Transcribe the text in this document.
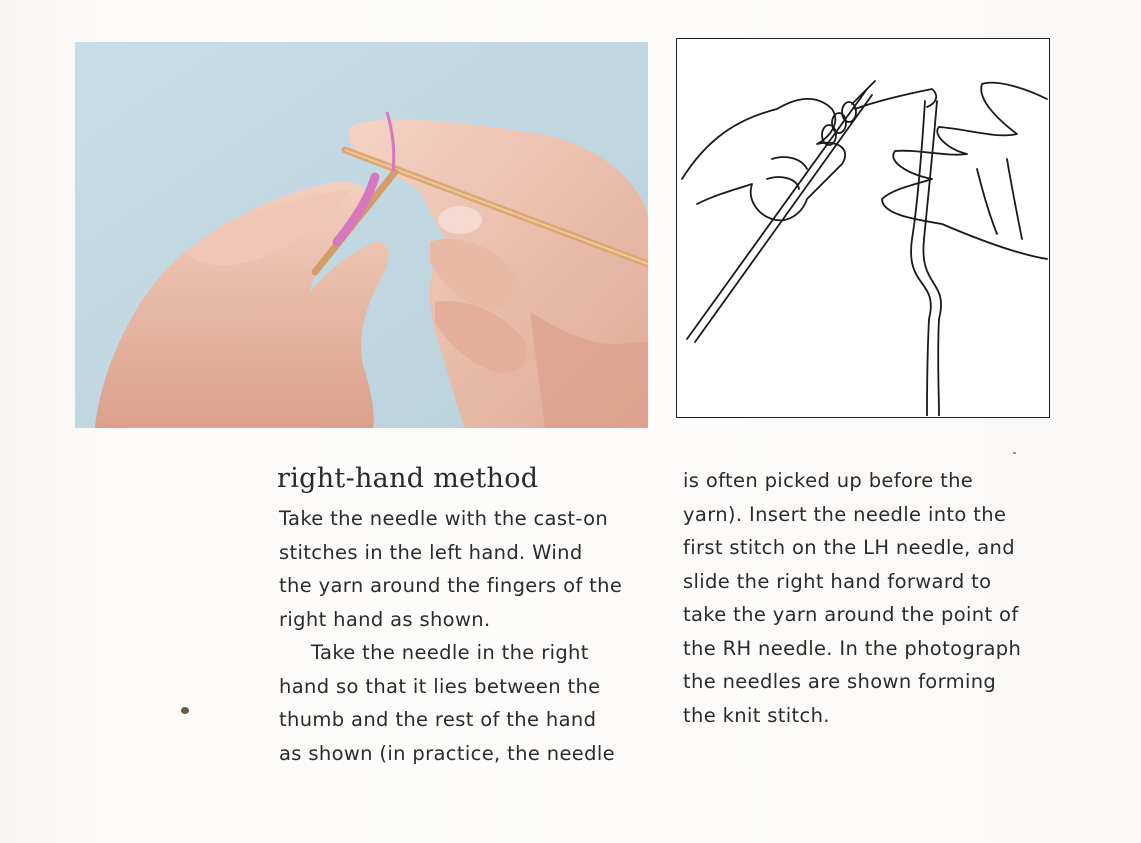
right-hand method

Take the needle with the cast-on
stitches in the left hand. Wind
the yarn around the fingers of the
right hand as shown.

Take the needle in the right
hand so that it lies between the
thumb and the rest of the hand
as shown (in practice, the needle

is often picked up before the
yarn). Insert the needle into the
first stitch on the LH needle, and
slide the right hand forward to
take the yarn around the point of
the RH needle. In the photograph
the needles are shown forming
the knit stitch.
